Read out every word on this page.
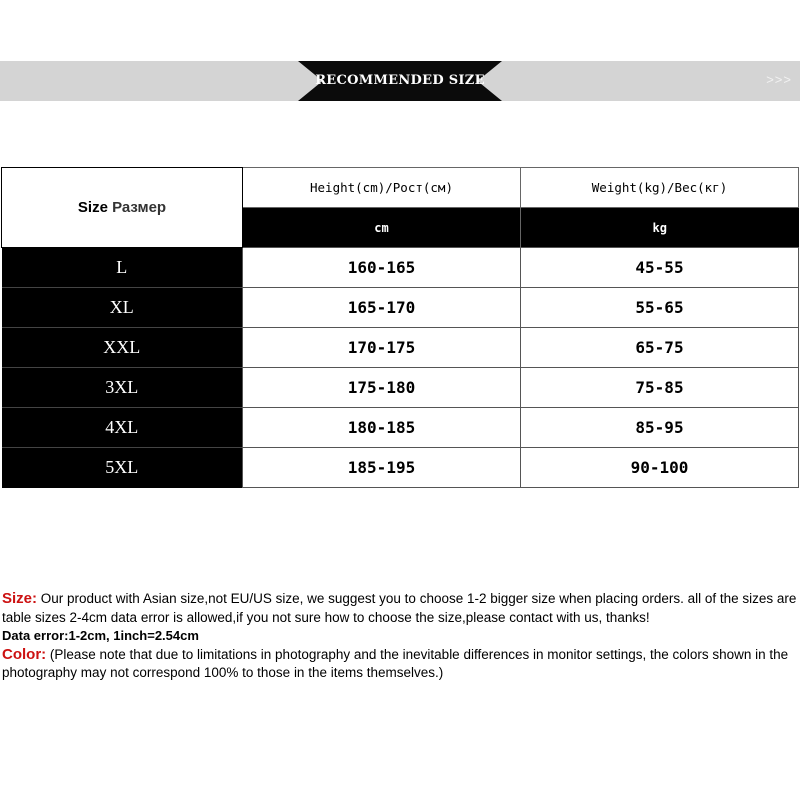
RECOMMENDED SIZE	>>>
Size Размер	Height(cm)/Рост(см)	Weight(kg)/Вес(кг)
	cm	kg
L	160-165	45-55
XL	165-170	55-65
XXL	170-175	65-75
3XL	175-180	75-85
4XL	180-185	85-95
5XL	185-195	90-100
Size: Our product with Asian size,not EU/US size, we suggest you to choose 1-2 bigger size when placing orders. all of the sizes are table sizes 2-4cm data error is allowed,if you not sure how to choose the size,please contact with us, thanks!
Data error:1-2cm, 1inch=2.54cm
Color: (Please note that due to limitations in photography and the inevitable differences in monitor settings, the colors shown in the photography may not correspond 100% to those in the items themselves.)
